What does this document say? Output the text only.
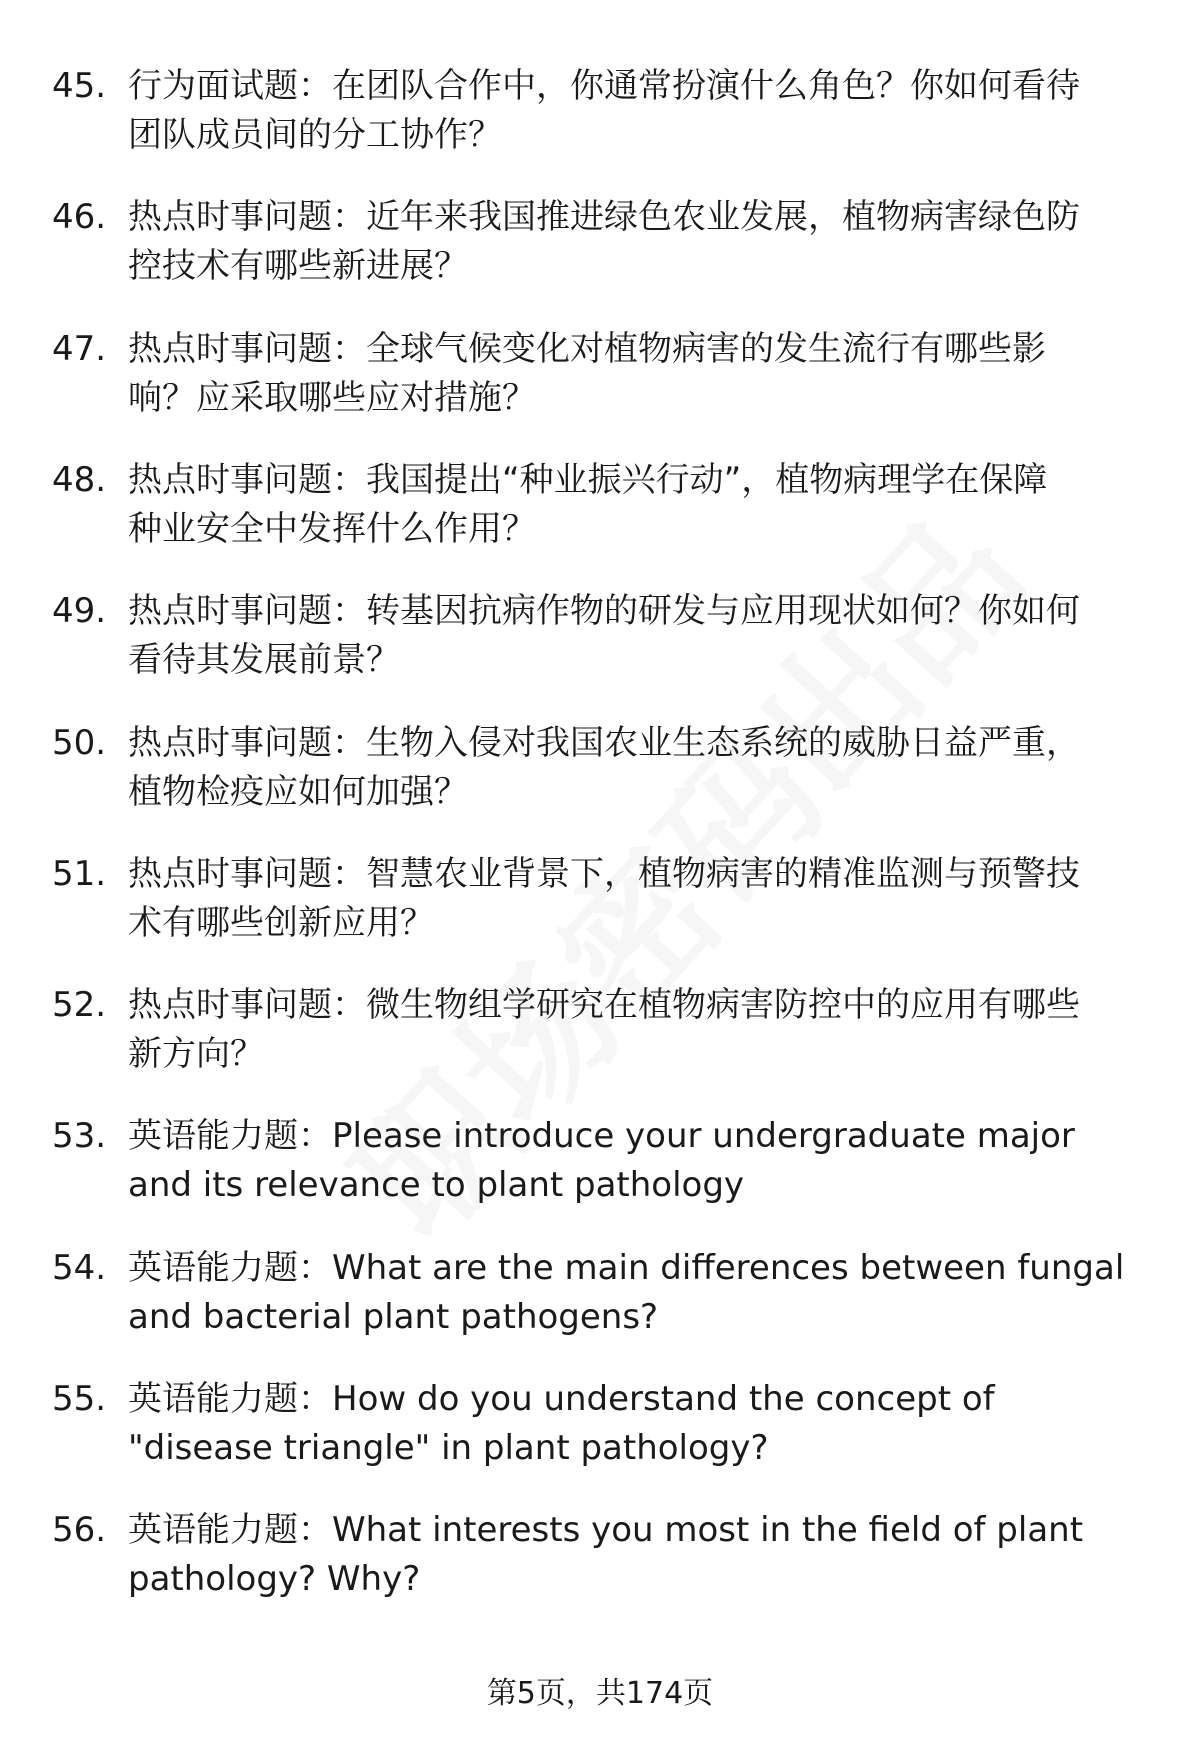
45. 行为面试题：在团队合作中，你通常扮演什么角色？你如何看待
团队成员间的分工协作？
46. 热点时事问题：近年来我国推进绿色农业发展，植物病害绿色防
控技术有哪些新进展？
47. 热点时事问题：全球气候变化对植物病害的发生流行有哪些影
响？应采取哪些应对措施？
48. 热点时事问题：我国提出“种业振兴行动”，植物病理学在保障
种业安全中发挥什么作用？
49. 热点时事问题：转基因抗病作物的研发与应用现状如何？你如何
看待其发展前景？
50. 热点时事问题：生物入侵对我国农业生态系统的威胁日益严重，
植物检疫应如何加强？
51. 热点时事问题：智慧农业背景下，植物病害的精准监测与预警技
术有哪些创新应用？
52. 热点时事问题：微生物组学研究在植物病害防控中的应用有哪些
新方向？
53. 英语能力题：Please introduce your undergraduate major
and its relevance to plant pathology
54. 英语能力题：What are the main differences between fungal
and bacterial plant pathogens?
55. 英语能力题：How do you understand the concept of
"disease triangle" in plant pathology?
56. 英语能力题：What interests you most in the field of plant
pathology? Why?
第5页，共174页
